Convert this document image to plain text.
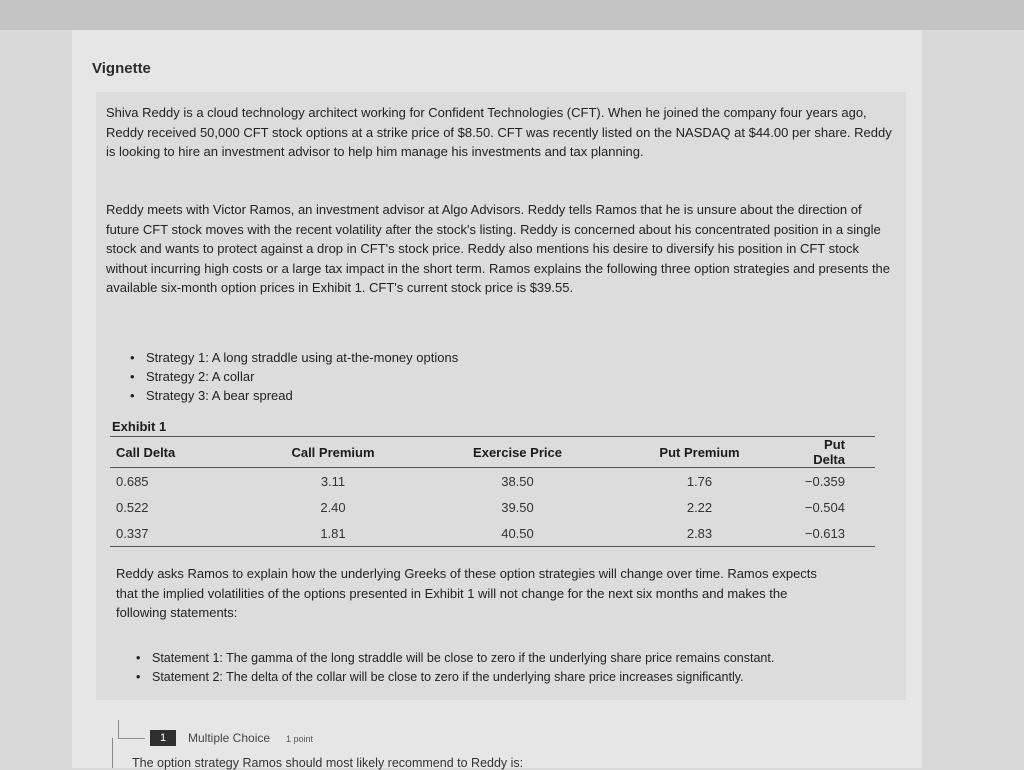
Vignette

Shiva Reddy is a cloud technology architect working for Confident Technologies (CFT). When he joined the company four years ago, Reddy received 50,000 CFT stock options at a strike price of $8.50. CFT was recently listed on the NASDAQ at $44.00 per share. Reddy is looking to hire an investment advisor to help him manage his investments and tax planning.

Reddy meets with Victor Ramos, an investment advisor at Algo Advisors. Reddy tells Ramos that he is unsure about the direction of future CFT stock moves with the recent volatility after the stock's listing. Reddy is concerned about his concentrated position in a single stock and wants to protect against a drop in CFT's stock price. Reddy also mentions his desire to diversify his position in CFT stock without incurring high costs or a large tax impact in the short term. Ramos explains the following three option strategies and presents the available six-month option prices in Exhibit 1. CFT's current stock price is $39.55.

• Strategy 1: A long straddle using at-the-money options
• Strategy 2: A collar
• Strategy 3: A bear spread
Exhibit 1
Call Delta	Call Premium	Exercise Price	Put Premium	Put Delta
0.685	3.11	38.50	1.76	−0.359
0.522	2.40	39.50	2.22	−0.504
0.337	1.81	40.50	2.83	−0.613

Reddy asks Ramos to explain how the underlying Greeks of these option strategies will change over time. Ramos expects that the implied volatilities of the options presented in Exhibit 1 will not change for the next six months and makes the following statements:

• Statement 1: The gamma of the long straddle will be close to zero if the underlying share price remains constant.
• Statement 2: The delta of the collar will be close to zero if the underlying share price increases significantly.
1	Multiple Choice 1 point
The option strategy Ramos should most likely recommend to Reddy is:
